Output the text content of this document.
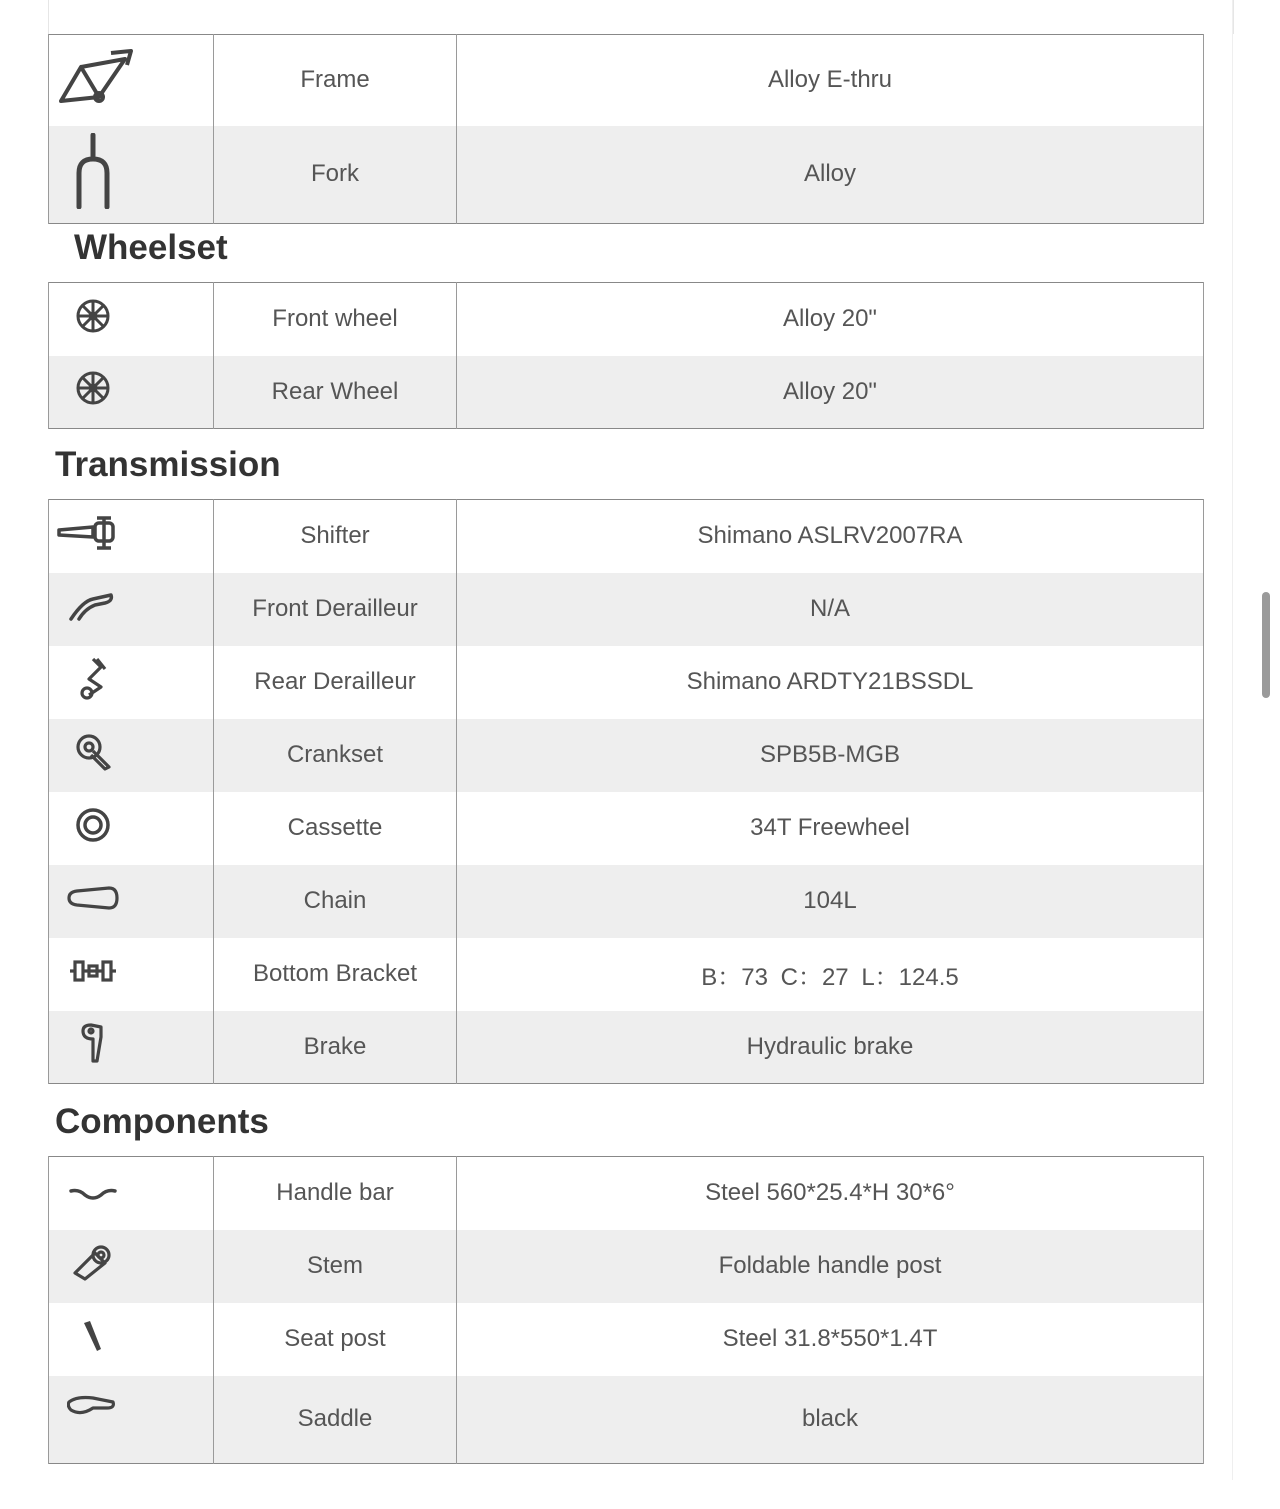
	Frame	Alloy E-thru
	Fork	Alloy
Wheelset
	Front wheel	Alloy 20"
	Rear Wheel	Alloy 20"
Transmission
	Shifter	Shimano ASLRV2007RA
	Front Derailleur	N/A
	Rear Derailleur	Shimano ARDTY21BSSDL
	Crankset	SPB5B-MGB
	Cassette	34T Freewheel
	Chain	104L
	Bottom Bracket	B：73 C：27 L：124.5
	Brake	Hydraulic brake
Components
	Handle bar	Steel 560*25.4*H 30*6°
	Stem	Foldable handle post
	Seat post	Steel 31.8*550*1.4T
	Saddle	black
